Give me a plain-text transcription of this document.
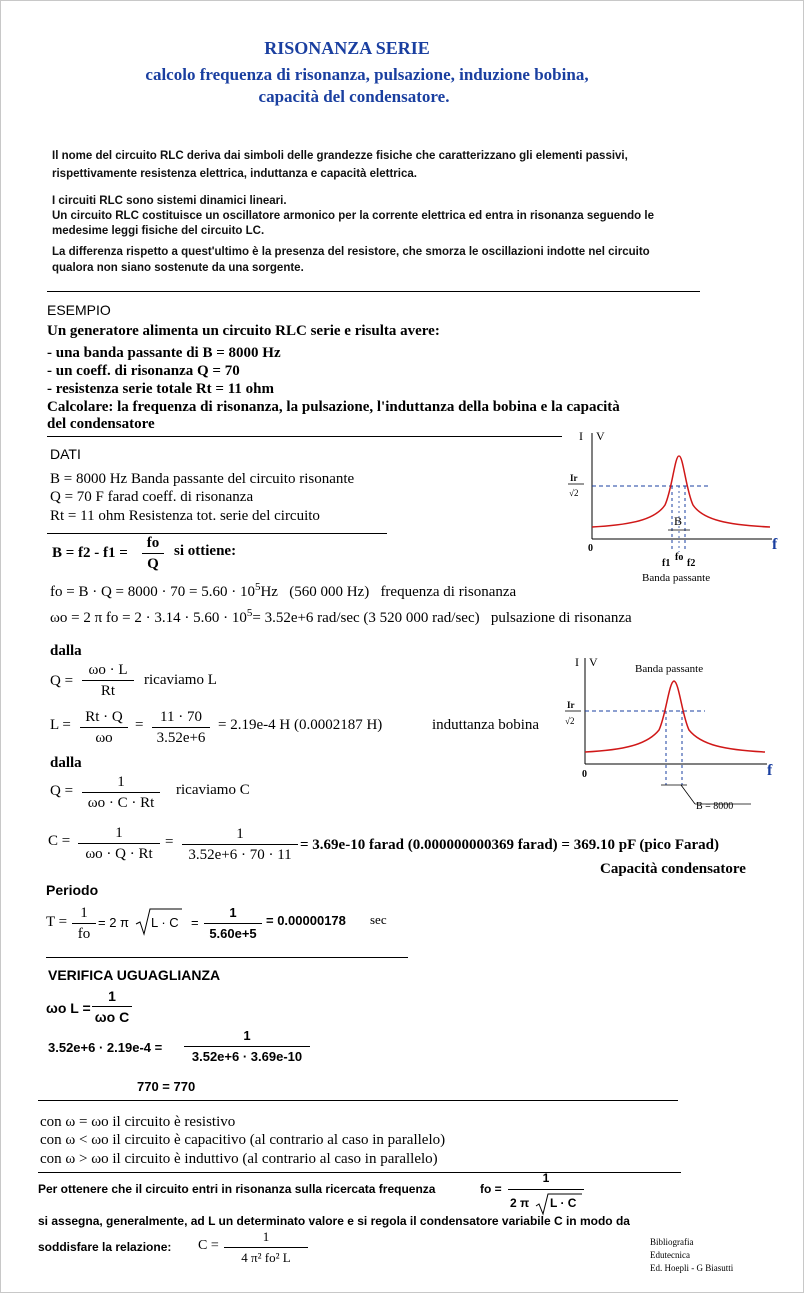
RISONANZA SERIE
calcolo frequenza di risonanza, pulsazione, induzione bobina,
capacità del condensatore.
Il nome del circuito RLC deriva dai simboli delle grandezze fisiche che caratterizzano gli elementi passivi,
rispettivamente resistenza elettrica, induttanza e capacità elettrica.
I circuiti RLC sono sistemi dinamici lineari.
Un circuito RLC costituisce un oscillatore armonico per la corrente elettrica ed entra in risonanza seguendo le
medesime leggi fisiche del circuito LC.
La differenza rispetto a quest'ultimo è la presenza del resistore, che smorza le oscillazioni indotte nel circuito
qualora non siano sostenute da una sorgente.
ESEMPIO
Un generatore alimenta un circuito RLC serie e risulta avere:
- una banda passante di B = 8000 Hz
- un coeff. di risonanza Q = 70
- resistenza serie totale Rt = 11 ohm
Calcolare: la frequenza di risonanza, la pulsazione, l'induttanza della bobina e la capacità
del condensatore
DATI
B = 8000 Hz Banda passante del circuito risonante
Q = 70 F farad coeff. di risonanza
Rt = 11 ohm Resistenza tot. serie del circuito
B = f2 - f1 =
fo
Q
si ottiene:
fo = $B \cdot Q = 8000 \cdot 70 = 5.60 \cdot 10^5Hz$ (560 000 Hz) frequenza di risonanza
ωo = 2 π fo = $2 \cdot 3.14 \cdot 5.60 \cdot 10^5= 3.52e+6$ rad/sec (3 520 000 rad/sec) pulsazione di risonanza
dalla
Q =
ωo · L
Rt
ricaviamo L
L = Rt · Q
ωo
=	11 · 70
3.52e+6
= 2.19e-4 H (0.0002187 H)	induttanza bobina
dalla
Q =
1
ωo · C · Rt
ricaviamo C
C =	1
ωo · Q · Rt
=	1
3.52e+6 · 70 · 11
= 3.69e-10 farad (0.000000000369 farad) = 369.10 pF (pico Farad)
Capacità condensatore
Periodo
T =
1
fo
= 2 π L · C =
1
5.60e+5
= 0.00000178 sec
VERIFICA UGUAGLIANZA
ωo L =
1
ωo C
3.52e+6 · 2.19e-4 =
1
3.52e+6 · 3.69e-10
770 = 770
con ω = ωo il circuito è resistivo
con ω < ωo il circuito è capacitivo (al contrario al caso in parallelo)
con ω > ωo il circuito è induttivo (al contrario al caso in parallelo)
Per ottenere che il circuito entri in risonanza sulla ricercata frequenza	fo =
1
2 π L · C
si assegna, generalmente, ad L un determinato valore e si regola il condensatore variabile C in modo da
soddisfare la relazione: C =
1
4 π² fo² L
Bibliografia
Edutecnica
Ed. Hoepli - G Biasutti
I V
Ir
√2
0
B
f1
fo
f2
f
Banda passante
I V	Banda passante
Ir
√2
0	f
B = 8000
